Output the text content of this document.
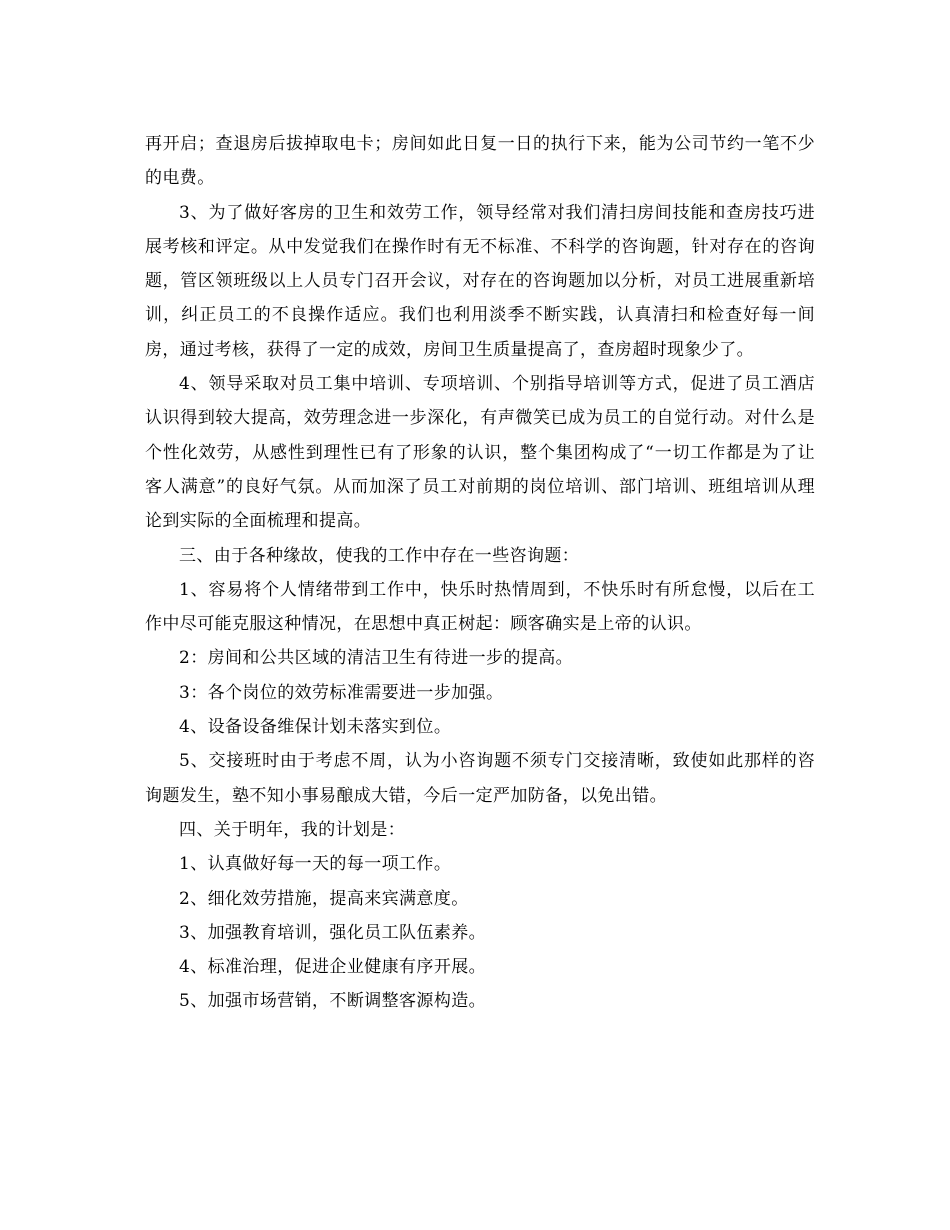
再开启；查退房后拔掉取电卡；房间如此日复一日的执行下来，能为公司节约一笔不少的电费。

3、为了做好客房的卫生和效劳工作，领导经常对我们清扫房间技能和查房技巧进展考核和评定。从中发觉我们在操作时有无不标准、不科学的咨询题，针对存在的咨询题，管区领班级以上人员专门召开会议，对存在的咨询题加以分析，对员工进展重新培训，纠正员工的不良操作适应。我们也利用淡季不断实践，认真清扫和检查好每一间房，通过考核，获得了一定的成效，房间卫生质量提高了，查房超时现象少了。

4、领导采取对员工集中培训、专项培训、个别指导培训等方式，促进了员工酒店认识得到较大提高，效劳理念进一步深化，有声微笑已成为员工的自觉行动。对什么是个性化效劳，从感性到理性已有了形象的认识，整个集团构成了“一切工作都是为了让客人满意”的良好气氛。从而加深了员工对前期的岗位培训、部门培训、班组培训从理论到实际的全面梳理和提高。

三、由于各种缘故，使我的工作中存在一些咨询题：

1、容易将个人情绪带到工作中，快乐时热情周到，不快乐时有所怠慢，以后在工作中尽可能克服这种情况，在思想中真正树起：顾客确实是上帝的认识。

2：房间和公共区域的清洁卫生有待进一步的提高。

3：各个岗位的效劳标准需要进一步加强。

4、设备设备维保计划未落实到位。

5、交接班时由于考虑不周，认为小咨询题不须专门交接清晰，致使如此那样的咨询题发生，塾不知小事易酿成大错，今后一定严加防备，以免出错。

四、关于明年，我的计划是：

1、认真做好每一天的每一项工作。

2、细化效劳措施，提高来宾满意度。

3、加强教育培训，强化员工队伍素养。

4、标准治理，促进企业健康有序开展。

5、加强市场营销，不断调整客源构造。
